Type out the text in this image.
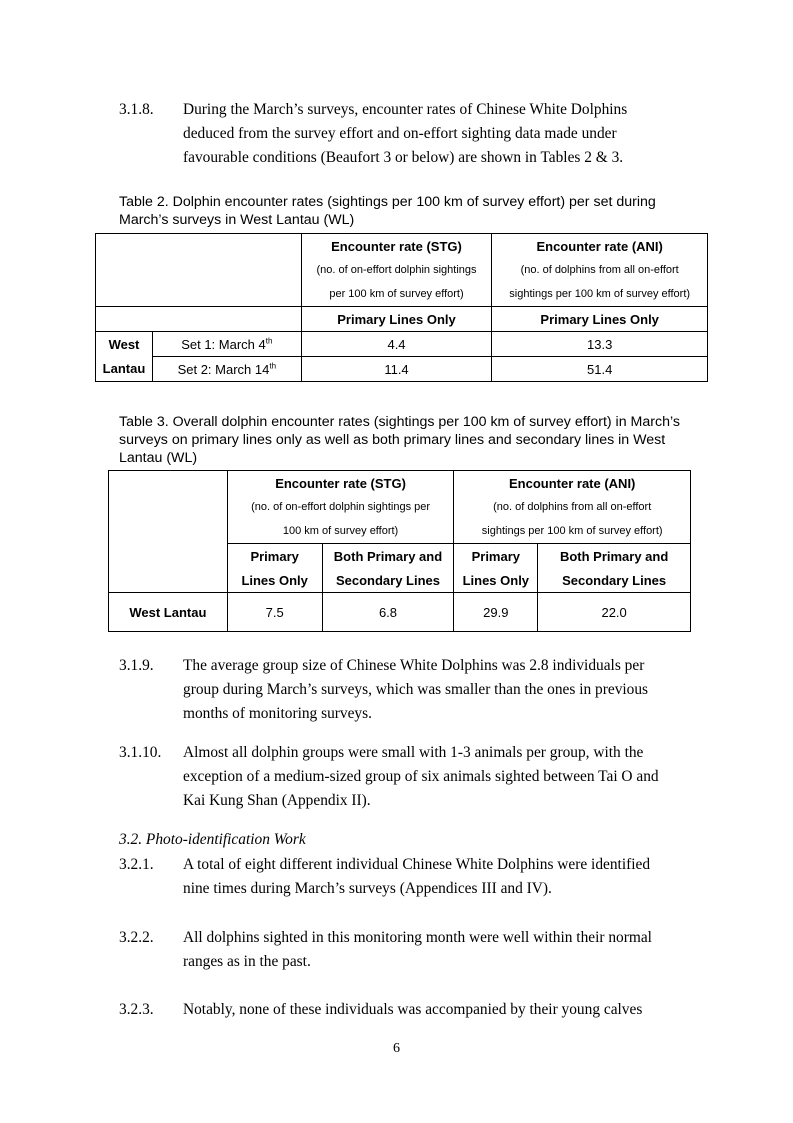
3.1.8. During the March’s surveys, encounter rates of Chinese White Dolphins deduced from the survey effort and on-effort sighting data made under favourable conditions (Beaufort 3 or below) are shown in Tables 2 & 3.
Table 2. Dolphin encounter rates (sightings per 100 km of survey effort) per set during March’s surveys in West Lantau (WL)
		Encounter rate (STG)	Encounter rate (ANI)
		(no. of on-effort dolphin sightings	(no. of dolphins from all on-effort
		per 100 km of survey effort)	sightings per 100 km of survey effort)
		Primary Lines Only	Primary Lines Only
West	Set 1: March 4th	4.4	13.3
Lantau	Set 2: March 14th	11.4	51.4
Table 3. Overall dolphin encounter rates (sightings per 100 km of survey effort) in March’s surveys on primary lines only as well as both primary lines and secondary lines in West Lantau (WL)
	Encounter rate (STG)		Encounter rate (ANI)	
	(no. of on-effort dolphin sightings per		(no. of dolphins from all on-effort	
	100 km of survey effort)		sightings per 100 km of survey effort)	
	Primary	Both Primary and	Primary	Both Primary and
	Lines Only	Secondary Lines	Lines Only	Secondary Lines
West Lantau	7.5	6.8	29.9	22.0
3.1.9. The average group size of Chinese White Dolphins was 2.8 individuals per group during March’s surveys, which was smaller than the ones in previous months of monitoring surveys.
3.1.10. Almost all dolphin groups were small with 1-3 animals per group, with the exception of a medium-sized group of six animals sighted between Tai O and Kai Kung Shan (Appendix II).
3.2. Photo-identification Work
3.2.1. A total of eight different individual Chinese White Dolphins were identified nine times during March’s surveys (Appendices III and IV).
3.2.2. All dolphins sighted in this monitoring month were well within their normal ranges as in the past.
3.2.3. Notably, none of these individuals was accompanied by their young calves
6
